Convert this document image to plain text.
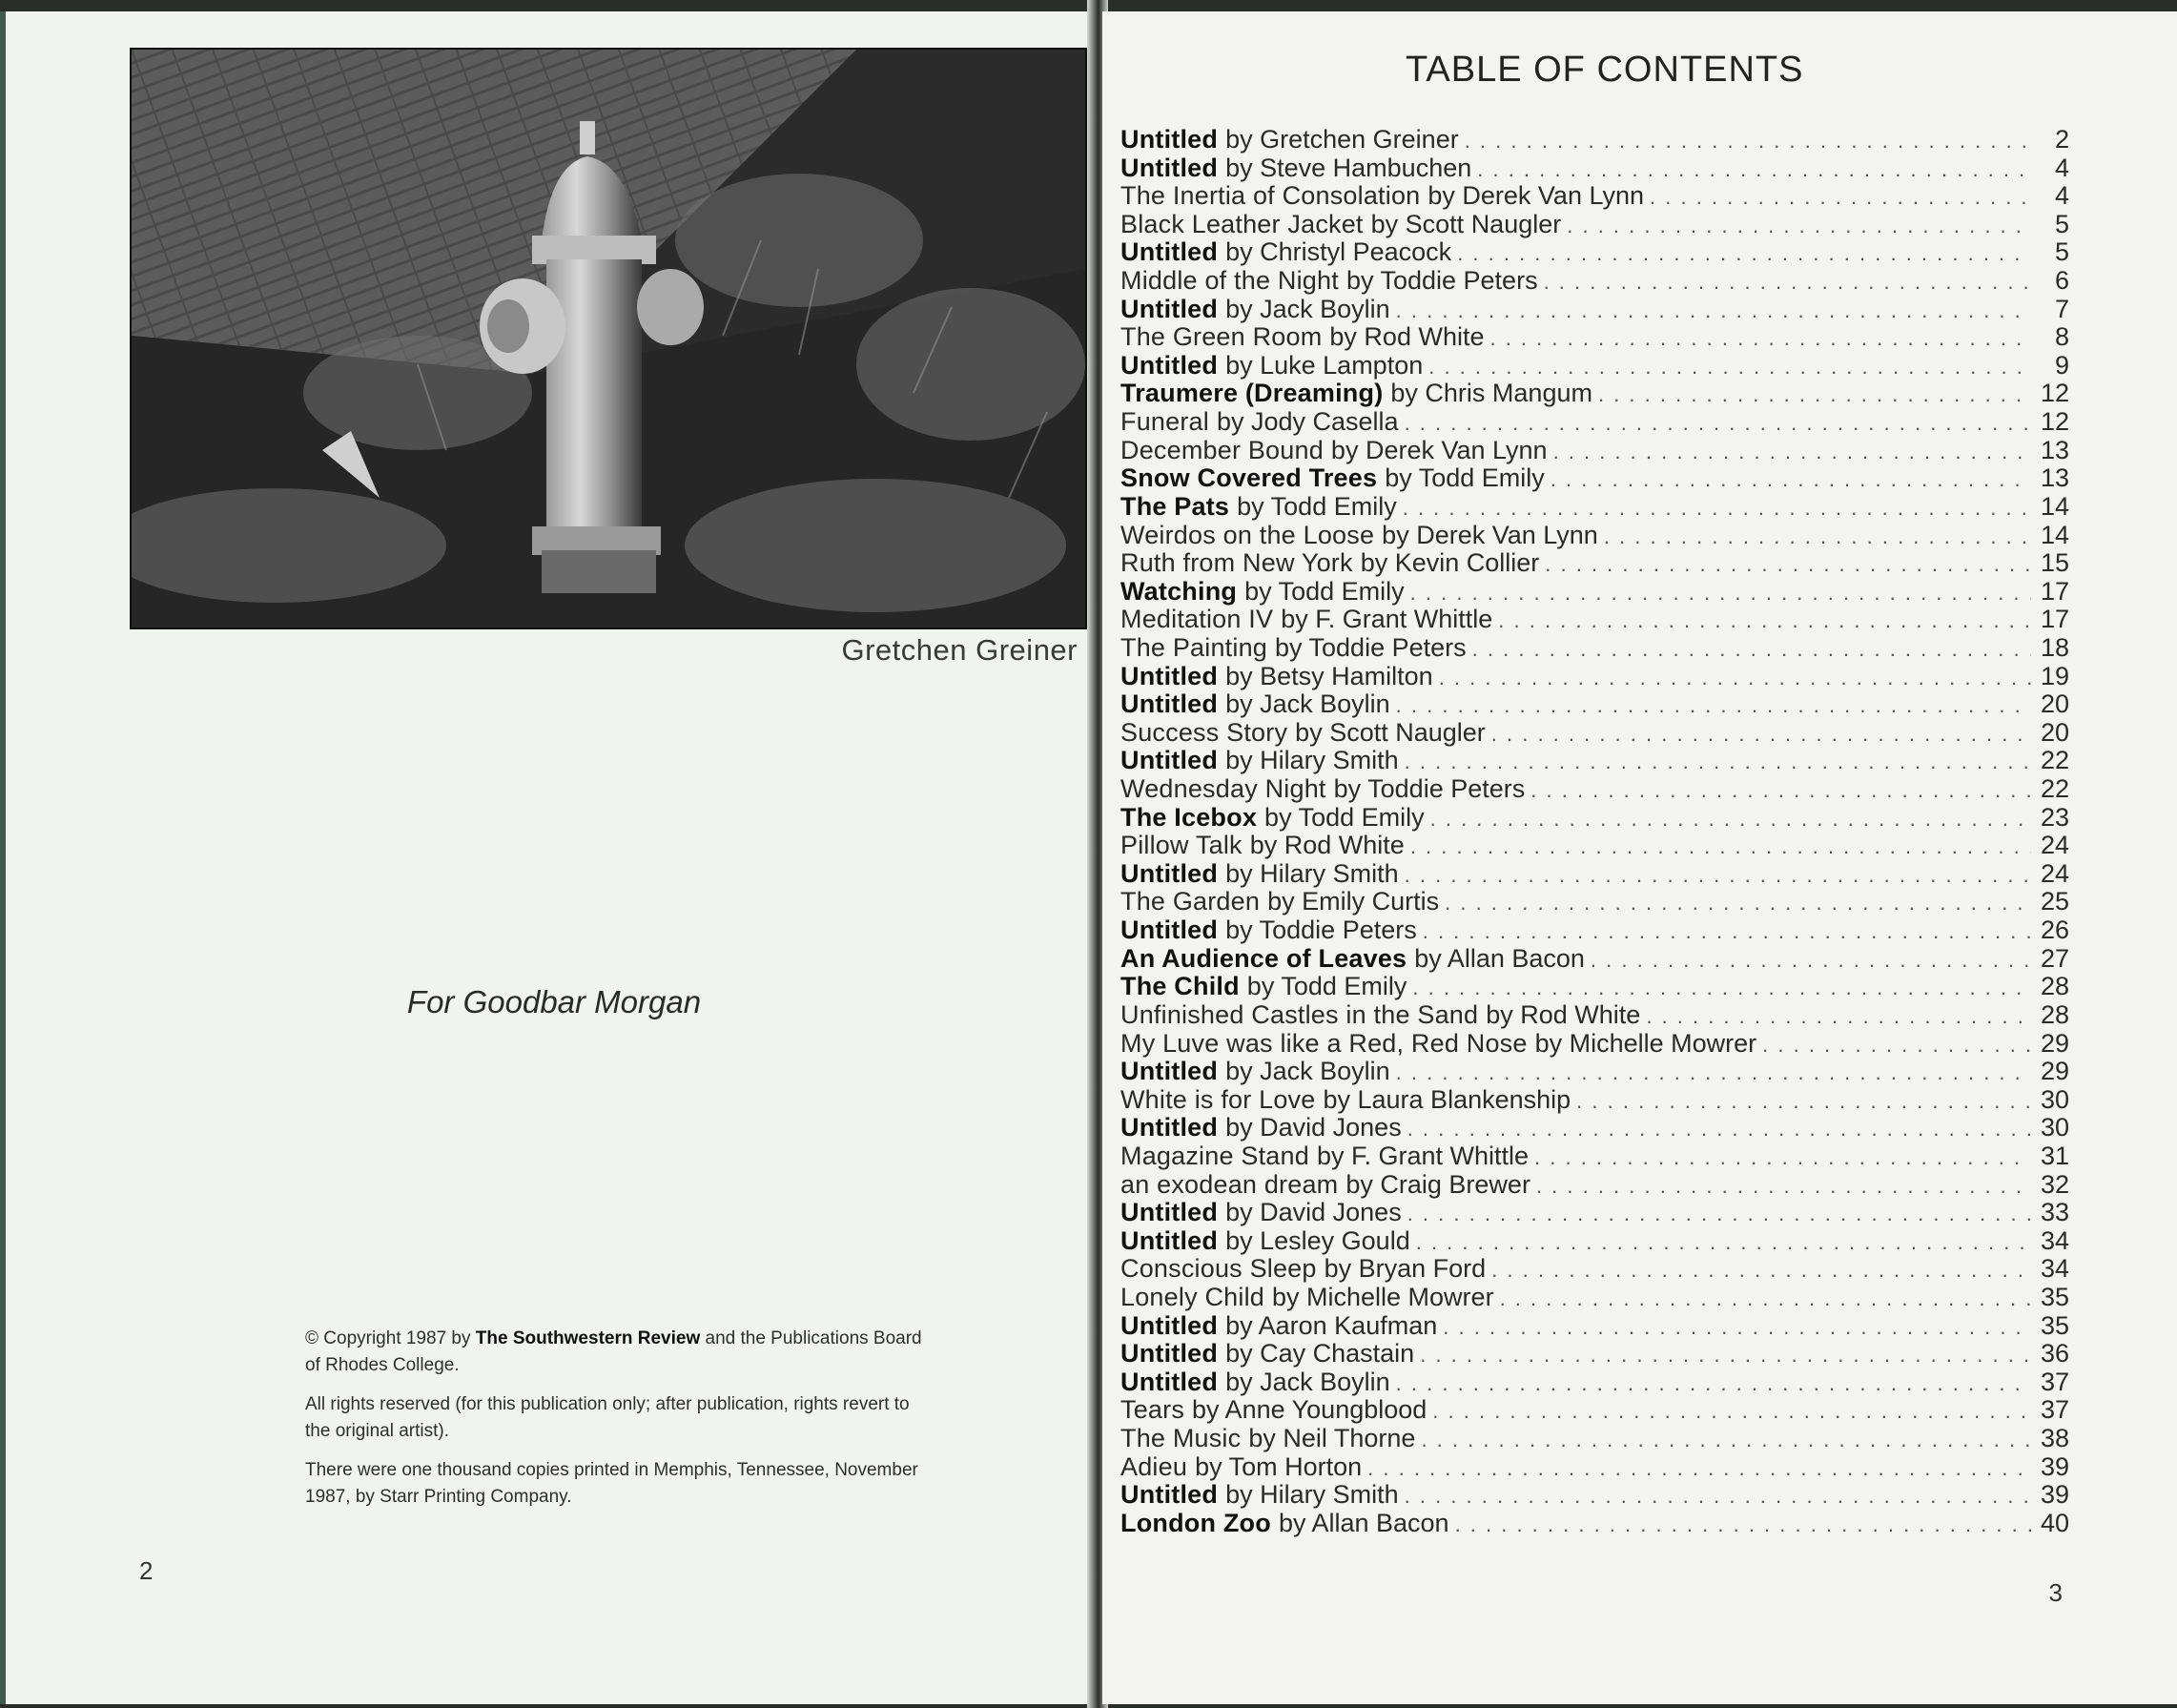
Gretchen Greiner
For Goodbar Morgan

© Copyright 1987 by The Southwestern Review and the Publications Board of Rhodes College.

All rights reserved (for this publication only; after publication, rights revert to the original artist).

There were one thousand copies printed in Memphis, Tennessee, November 1987, by Starr Printing Company.

2
TABLE OF CONTENTS
Untitled by Gretchen Greiner . . .	2
Untitled by Steve Hambuchen . . .	4
The Inertia of Consolation by Derek Van Lynn . . .	4
Black Leather Jacket by Scott Naugler . . .	5
Untitled by Christyl Peacock . . .	5
Middle of the Night by Toddie Peters . . .	6
Untitled by Jack Boylin . . .	7
The Green Room by Rod White . . .	8
Untitled by Luke Lampton . . .	9
Traumere (Dreaming) by Chris Mangum . . .	12
Funeral by Jody Casella . . .	12
December Bound by Derek Van Lynn . . .	13
Snow Covered Trees by Todd Emily . . .	13
The Pats by Todd Emily . . .	14
Weirdos on the Loose by Derek Van Lynn . . .	14
Ruth from New York by Kevin Collier . . .	15
Watching by Todd Emily . . .	17
Meditation IV by F. Grant Whittle . . .	17
The Painting by Toddie Peters . . .	18
Untitled by Betsy Hamilton . . .	19
Untitled by Jack Boylin . . .	20
Success Story by Scott Naugler . . .	20
Untitled by Hilary Smith . . .	22
Wednesday Night by Toddie Peters . . .	22
The Icebox by Todd Emily . . .	23
Pillow Talk by Rod White . . .	24
Untitled by Hilary Smith . . .	24
The Garden by Emily Curtis . . .	25
Untitled by Toddie Peters . . .	26
An Audience of Leaves by Allan Bacon . . .	27
The Child by Todd Emily . . .	28
Unfinished Castles in the Sand by Rod White . . .	28
My Luve was like a Red, Red Nose by Michelle Mowrer . . .	29
Untitled by Jack Boylin . . .	29
White is for Love by Laura Blankenship . . .	30
Untitled by David Jones . . .	30
Magazine Stand by F. Grant Whittle . . .	31
an exodean dream by Craig Brewer . . .	32
Untitled by David Jones . . .	33
Untitled by Lesley Gould . . .	34
Conscious Sleep by Bryan Ford . . .	34
Lonely Child by Michelle Mowrer . . .	35
Untitled by Aaron Kaufman . . .	35
Untitled by Cay Chastain . . .	36
Untitled by Jack Boylin . . .	37
Tears by Anne Youngblood . . .	37
The Music by Neil Thorne . . .	38
Adieu by Tom Horton . . .	39
Untitled by Hilary Smith . . .	39
London Zoo by Allan Bacon . . .	40
3
